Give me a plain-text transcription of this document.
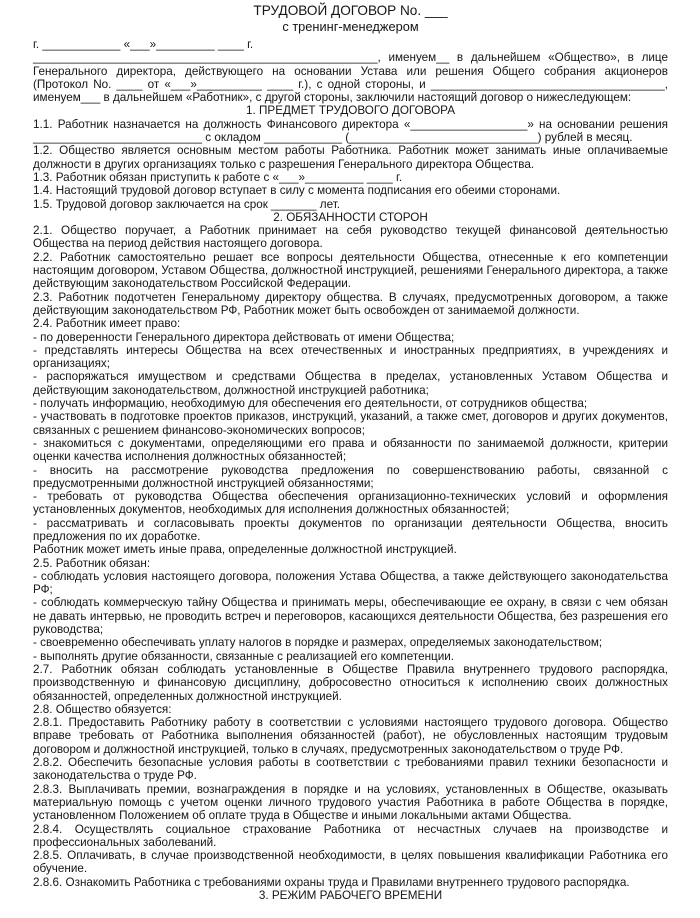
ТРУДОВОЙ ДОГОВОР No. ___
с тренинг-менеджером
г. ____________ «___»_________ ____ г.
_____________________________________________________, именуем__ в дальнейшем «Общество», в лице Генерального директора, действующего на основании Устава или решения Общего собрания акционеров (Протокол No. ____ от «___»__________ ____ г.), с одной стороны, и ____________________________________, именуем___ в дальнейшем «Работник», с другой стороны, заключили настоящий договор о нижеследующем:
1. ПРЕДМЕТ ТРУДОВОГО ДОГОВОРА
1.1. Работник назначается на должность Финансового директора «__________________» на основании решения __________________________ с окладом ____________ (_____________________________) рублей в месяц.
1.2. Общество является основным местом работы Работника. Работник может занимать иные оплачиваемые должности в других организациях только с разрешения Генерального директора Общества.
1.3. Работник обязан приступить к работе с «___»_________ ____ г.
1.4. Настоящий трудовой договор вступает в силу с момента подписания его обеими сторонами.
1.5. Трудовой договор заключается на срок _______ лет.
2. ОБЯЗАННОСТИ СТОРОН
2.1. Общество поручает, а Работник принимает на себя руководство текущей финансовой деятельностью Общества на период действия настоящего договора.
2.2. Работник самостоятельно решает все вопросы деятельности Общества, отнесенные к его компетенции настоящим договором, Уставом Общества, должностной инструкцией, решениями Генерального директора, а также действующим законодательством Российской Федерации.
2.3. Работник подотчетен Генеральному директору общества. В случаях, предусмотренных договором, а также действующим законодательством РФ, Работник может быть освобожден от занимаемой должности.
2.4. Работник имеет право:
- по доверенности Генерального директора действовать от имени Общества;
- представлять интересы Общества на всех отечественных и иностранных предприятиях, в учреждениях и организациях;
- распоряжаться имуществом и средствами Общества в пределах, установленных Уставом Общества и действующим законодательством, должностной инструкцией работника;
- получать информацию, необходимую для обеспечения его деятельности, от сотрудников общества;
- участвовать в подготовке проектов приказов, инструкций, указаний, а также смет, договоров и других документов, связанных с решением финансово-экономических вопросов;
- знакомиться с документами, определяющими его права и обязанности по занимаемой должности, критерии оценки качества исполнения должностных обязанностей;
- вносить на рассмотрение руководства предложения по совершенствованию работы, связанной с предусмотренными должностной инструкцией обязанностями;
- требовать от руководства Общества обеспечения организационно-технических условий и оформления установленных документов, необходимых для исполнения должностных обязанностей;
- рассматривать и согласовывать проекты документов по организации деятельности Общества, вносить предложения по их доработке.
Работник может иметь иные права, определенные должностной инструкцией.
2.5. Работник обязан:
- соблюдать условия настоящего договора, положения Устава Общества, а также действующего законодательства РФ;
- соблюдать коммерческую тайну Общества и принимать меры, обеспечивающие ее охрану, в связи с чем обязан не давать интервью, не проводить встреч и переговоров, касающихся деятельности Общества, без разрешения его руководства;
- своевременно обеспечивать уплату налогов в порядке и размерах, определяемых законодательством;
- выполнять другие обязанности, связанные с реализацией его компетенции.
2.7. Работник обязан соблюдать установленные в Обществе Правила внутреннего трудового распорядка, производственную и финансовую дисциплину, добросовестно относиться к исполнению своих должностных обязанностей, определенных должностной инструкцией.
2.8. Общество обязуется:
2.8.1. Предоставить Работнику работу в соответствии с условиями настоящего трудового договора. Общество вправе требовать от Работника выполнения обязанностей (работ), не обусловленных настоящим трудовым договором и должностной инструкцией, только в случаях, предусмотренных законодательством о труде РФ.
2.8.2. Обеспечить безопасные условия работы в соответствии с требованиями правил техники безопасности и законодательства о труде РФ.
2.8.3. Выплачивать премии, вознаграждения в порядке и на условиях, установленных в Обществе, оказывать материальную помощь с учетом оценки личного трудового участия Работника в работе Общества в порядке, установленном Положением об оплате труда в Обществе и иными локальными актами Общества.
2.8.4. Осуществлять социальное страхование Работника от несчастных случаев на производстве и профессиональных заболеваний.
2.8.5. Оплачивать, в случае производственной необходимости, в целях повышения квалификации Работника его обучение.
2.8.6. Ознакомить Работника с требованиями охраны труда и Правилами внутреннего трудового распорядка.
3. РЕЖИМ РАБОЧЕГО ВРЕМЕНИ
